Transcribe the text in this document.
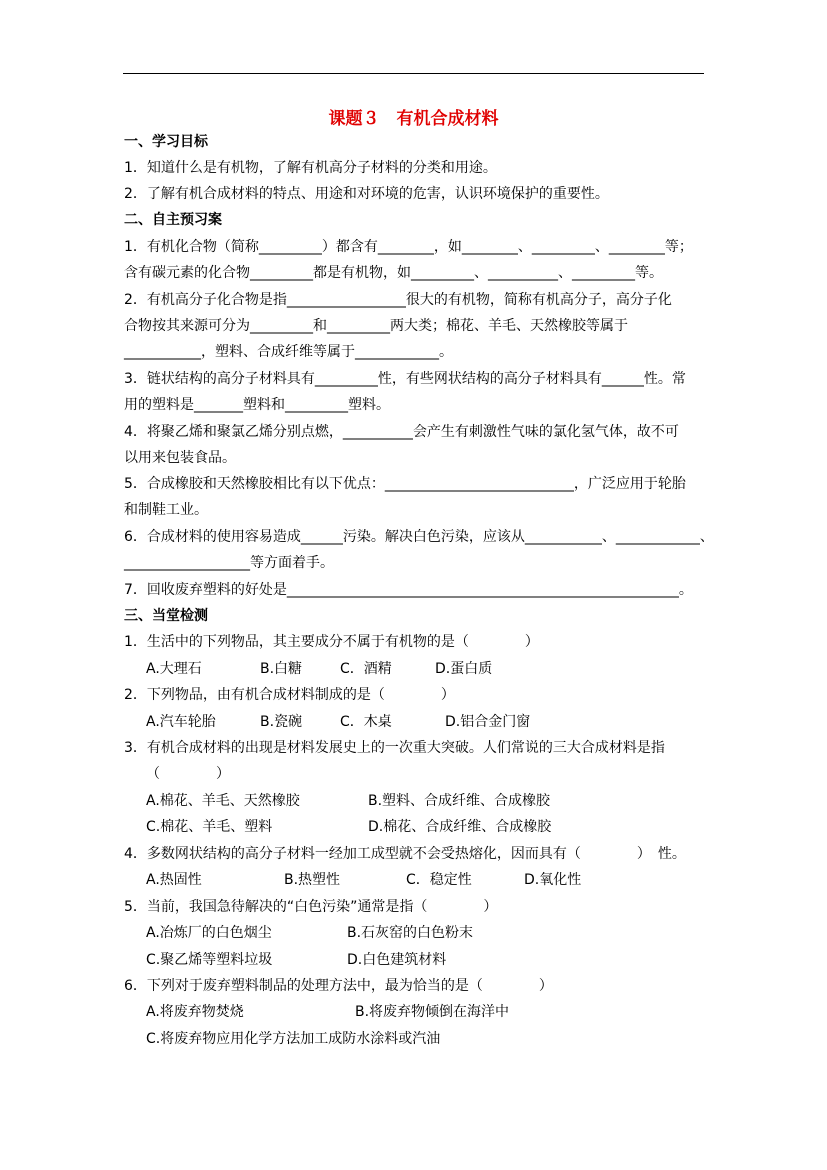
课题３　有机合成材料
一、学习目标
1．知道什么是有机物，了解有机高分子材料的分类和用途。
2．了解有机合成材料的特点、用途和对环境的危害，认识环境保护的重要性。
二、自主预习案
1．有机化合物（简称_________）都含有________，如________、_________、________等；
含有碳元素的化合物_________都是有机物，如_________、__________、_________等。
2．有机高分子化合物是指_________________很大的有机物，简称有机高分子，高分子化
合物按其来源可分为_________和_________两大类；棉花、羊毛、天然橡胶等属于
___________，塑料、合成纤维等属于____________。
3．链状结构的高分子材料具有_________性，有些网状结构的高分子材料具有______性。常
用的塑料是_______塑料和_________塑料。
4．将聚乙烯和聚氯乙烯分别点燃，__________会产生有刺激性气味的氯化氢气体，故不可
以用来包装食品。
5．合成橡胶和天然橡胶相比有以下优点：___________________________，广泛应用于轮胎
和制鞋工业。
6．合成材料的使用容易造成______污染。解决白色污染，应该从___________、____________、
__________________等方面着手。
7．回收废弃塑料的好处是________________________________________________________。
三、当堂检测
1．生活中的下列物品，其主要成分不属于有机物的是（　　　　）
A.大理石	B.白糖	C．酒精	D.蛋白质
2．下列物品，由有机合成材料制成的是（　　　　）
A.汽车轮胎	B.瓷碗	C．木桌	D.铝合金门窗
3．有机合成材料的出现是材料发展史上的一次重大突破。人们常说的三大合成材料是指
（　　　　）
A.棉花、羊毛、天然橡胶	B.塑料、合成纤维、合成橡胶
C.棉花、羊毛、塑料	D.棉花、合成纤维、合成橡胶
4．多数网状结构的高分子材料一经加工成型就不会受热熔化，因而具有（　　　　）　性。
A.热固性	B.热塑性	C．稳定性	D.氧化性
5．当前，我国急待解决的“白色污染”通常是指（　　　　）
A.冶炼厂的白色烟尘	B.石灰窑的白色粉末
C.聚乙烯等塑料垃圾	D.白色建筑材料
6．下列对于废弃塑料制品的处理方法中，最为恰当的是（　　　　）
A.将废弃物焚烧	B.将废弃物倾倒在海洋中
C.将废弃物应用化学方法加工成防水涂料或汽油
